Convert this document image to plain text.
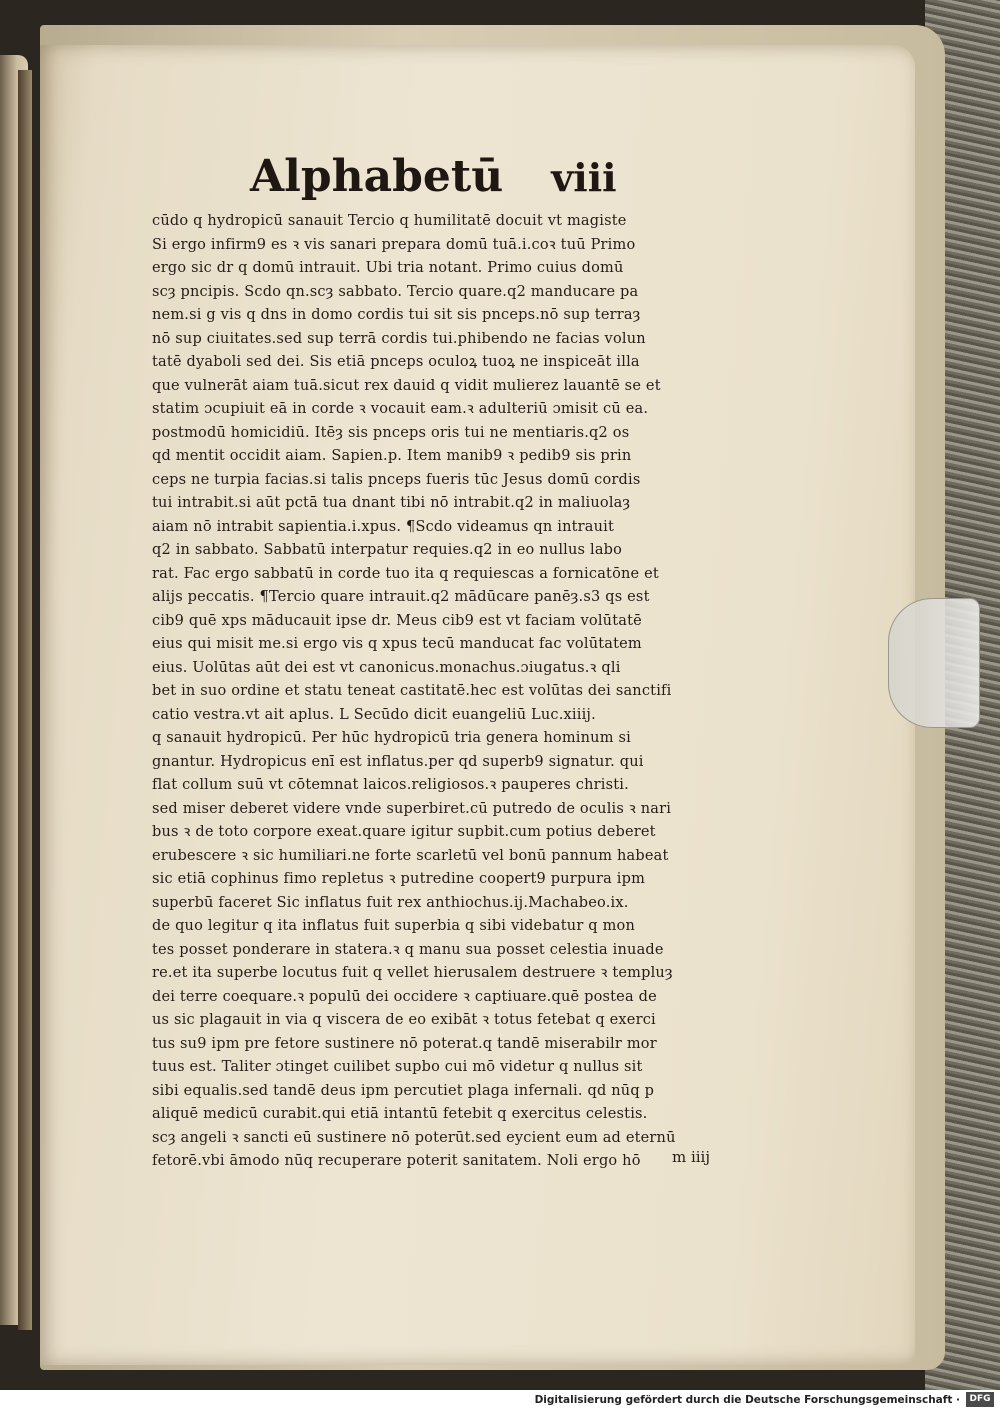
Alphabetū viii
cūdo q hydropicū sanauit Tercio q humilitatē docuit vt magiste
Si ergo infirm9 es ꝛ vis sanari prepara domū tuā.i.coꝛ tuū Primo
ergo sic dr q domū intrauit. Ubi tria notant. Primo cuius domū
scȝ pncipis. Scdo qn.scȝ sabbato. Tercio quare.q2 manducare pa
nem.si g vis q dns in domo cordis tui sit sis pnceps.nō sup terraȝ
nō sup ciuitates.sed sup terrā cordis tui.phibendo ne facias volun
tatē dyaboli sed dei. Sis etiā pnceps oculoꝝ tuoꝝ ne inspiceāt illa
que vulnerāt aiam tuā.sicut rex dauid q vidit mulierez lauantē se et
statim ɔcupiuit eā in corde ꝛ vocauit eam.ꝛ adulteriū ɔmisit cū ea.
postmodū homicidiū. Itēȝ sis pnceps oris tui ne mentiaris.q2 os
qd mentit occidit aiam. Sapien.p. Item manib9 ꝛ pedib9 sis prin
ceps ne turpia facias.si talis pnceps fueris tūc Jesus domū cordis
tui intrabit.si aūt pctā tua dnant tibi nō intrabit.q2 in maliuolaȝ
aiam nō intrabit sapientia.i.xpus. ¶Scdo videamus qn intrauit
q2 in sabbato. Sabbatū interpatur requies.q2 in eo nullus labo
rat. Fac ergo sabbatū in corde tuo ita q requiescas a fornicatōne et
alijs peccatis. ¶Tercio quare intrauit.q2 mādūcare panēȝ.s3 qs est
cib9 quē xps māducauit ipse dr. Meus cib9 est vt faciam volūtatē
eius qui misit me.si ergo vis q xpus tecū manducat fac volūtatem
eius. Uolūtas aūt dei est vt canonicus.monachus.ɔiugatus.ꝛ qli
bet in suo ordine et statu teneat castitatē.hec est volūtas dei sanctifi
catio vestra.vt ait aplus. L Secūdo dicit euangeliū Luc.xiiij.
q sanauit hydropicū. Per hūc hydropicū tria genera hominum si
gnantur. Hydropicus enī est inflatus.per qd superb9 signatur. qui
flat collum suū vt cōtemnat laicos.religiosos.ꝛ pauperes christi.
sed miser deberet videre vnde superbiret.cū putredo de oculis ꝛ nari
bus ꝛ de toto corpore exeat.quare igitur supbit.cum potius deberet
erubescere ꝛ sic humiliari.ne forte scarletū vel bonū pannum habeat
sic etiā cophinus fimo repletus ꝛ putredine coopert9 purpura ipm
superbū faceret Sic inflatus fuit rex anthiochus.ij.Machabeo.ix.
de quo legitur q ita inflatus fuit superbia q sibi videbatur q mon
tes posset ponderare in statera.ꝛ q manu sua posset celestia inuade
re.et ita superbe locutus fuit q vellet hierusalem destruere ꝛ templuȝ
dei terre coequare.ꝛ populū dei occidere ꝛ captiuare.quē postea de
us sic plagauit in via q viscera de eo exibāt ꝛ totus fetebat q exerci
tus su9 ipm pre fetore sustinere nō poterat.q tandē miserabilr mor
tuus est. Taliter ɔtinget cuilibet supbo cui mō videtur q nullus sit
sibi equalis.sed tandē deus ipm percutiet plaga infernali. qd nūq p
aliquē medicū curabit.qui etiā intantū fetebit q exercitus celestis.
scȝ angeli ꝛ sancti eū sustinere nō poterūt.sed eycient eum ad eternū
fetorē.vbi āmodo nūq recuperare poterit sanitatem. Noli ergo hō	m iiij
Digitalisierung gefördert durch die Deutsche Forschungsgemeinschaft ·	DFG
